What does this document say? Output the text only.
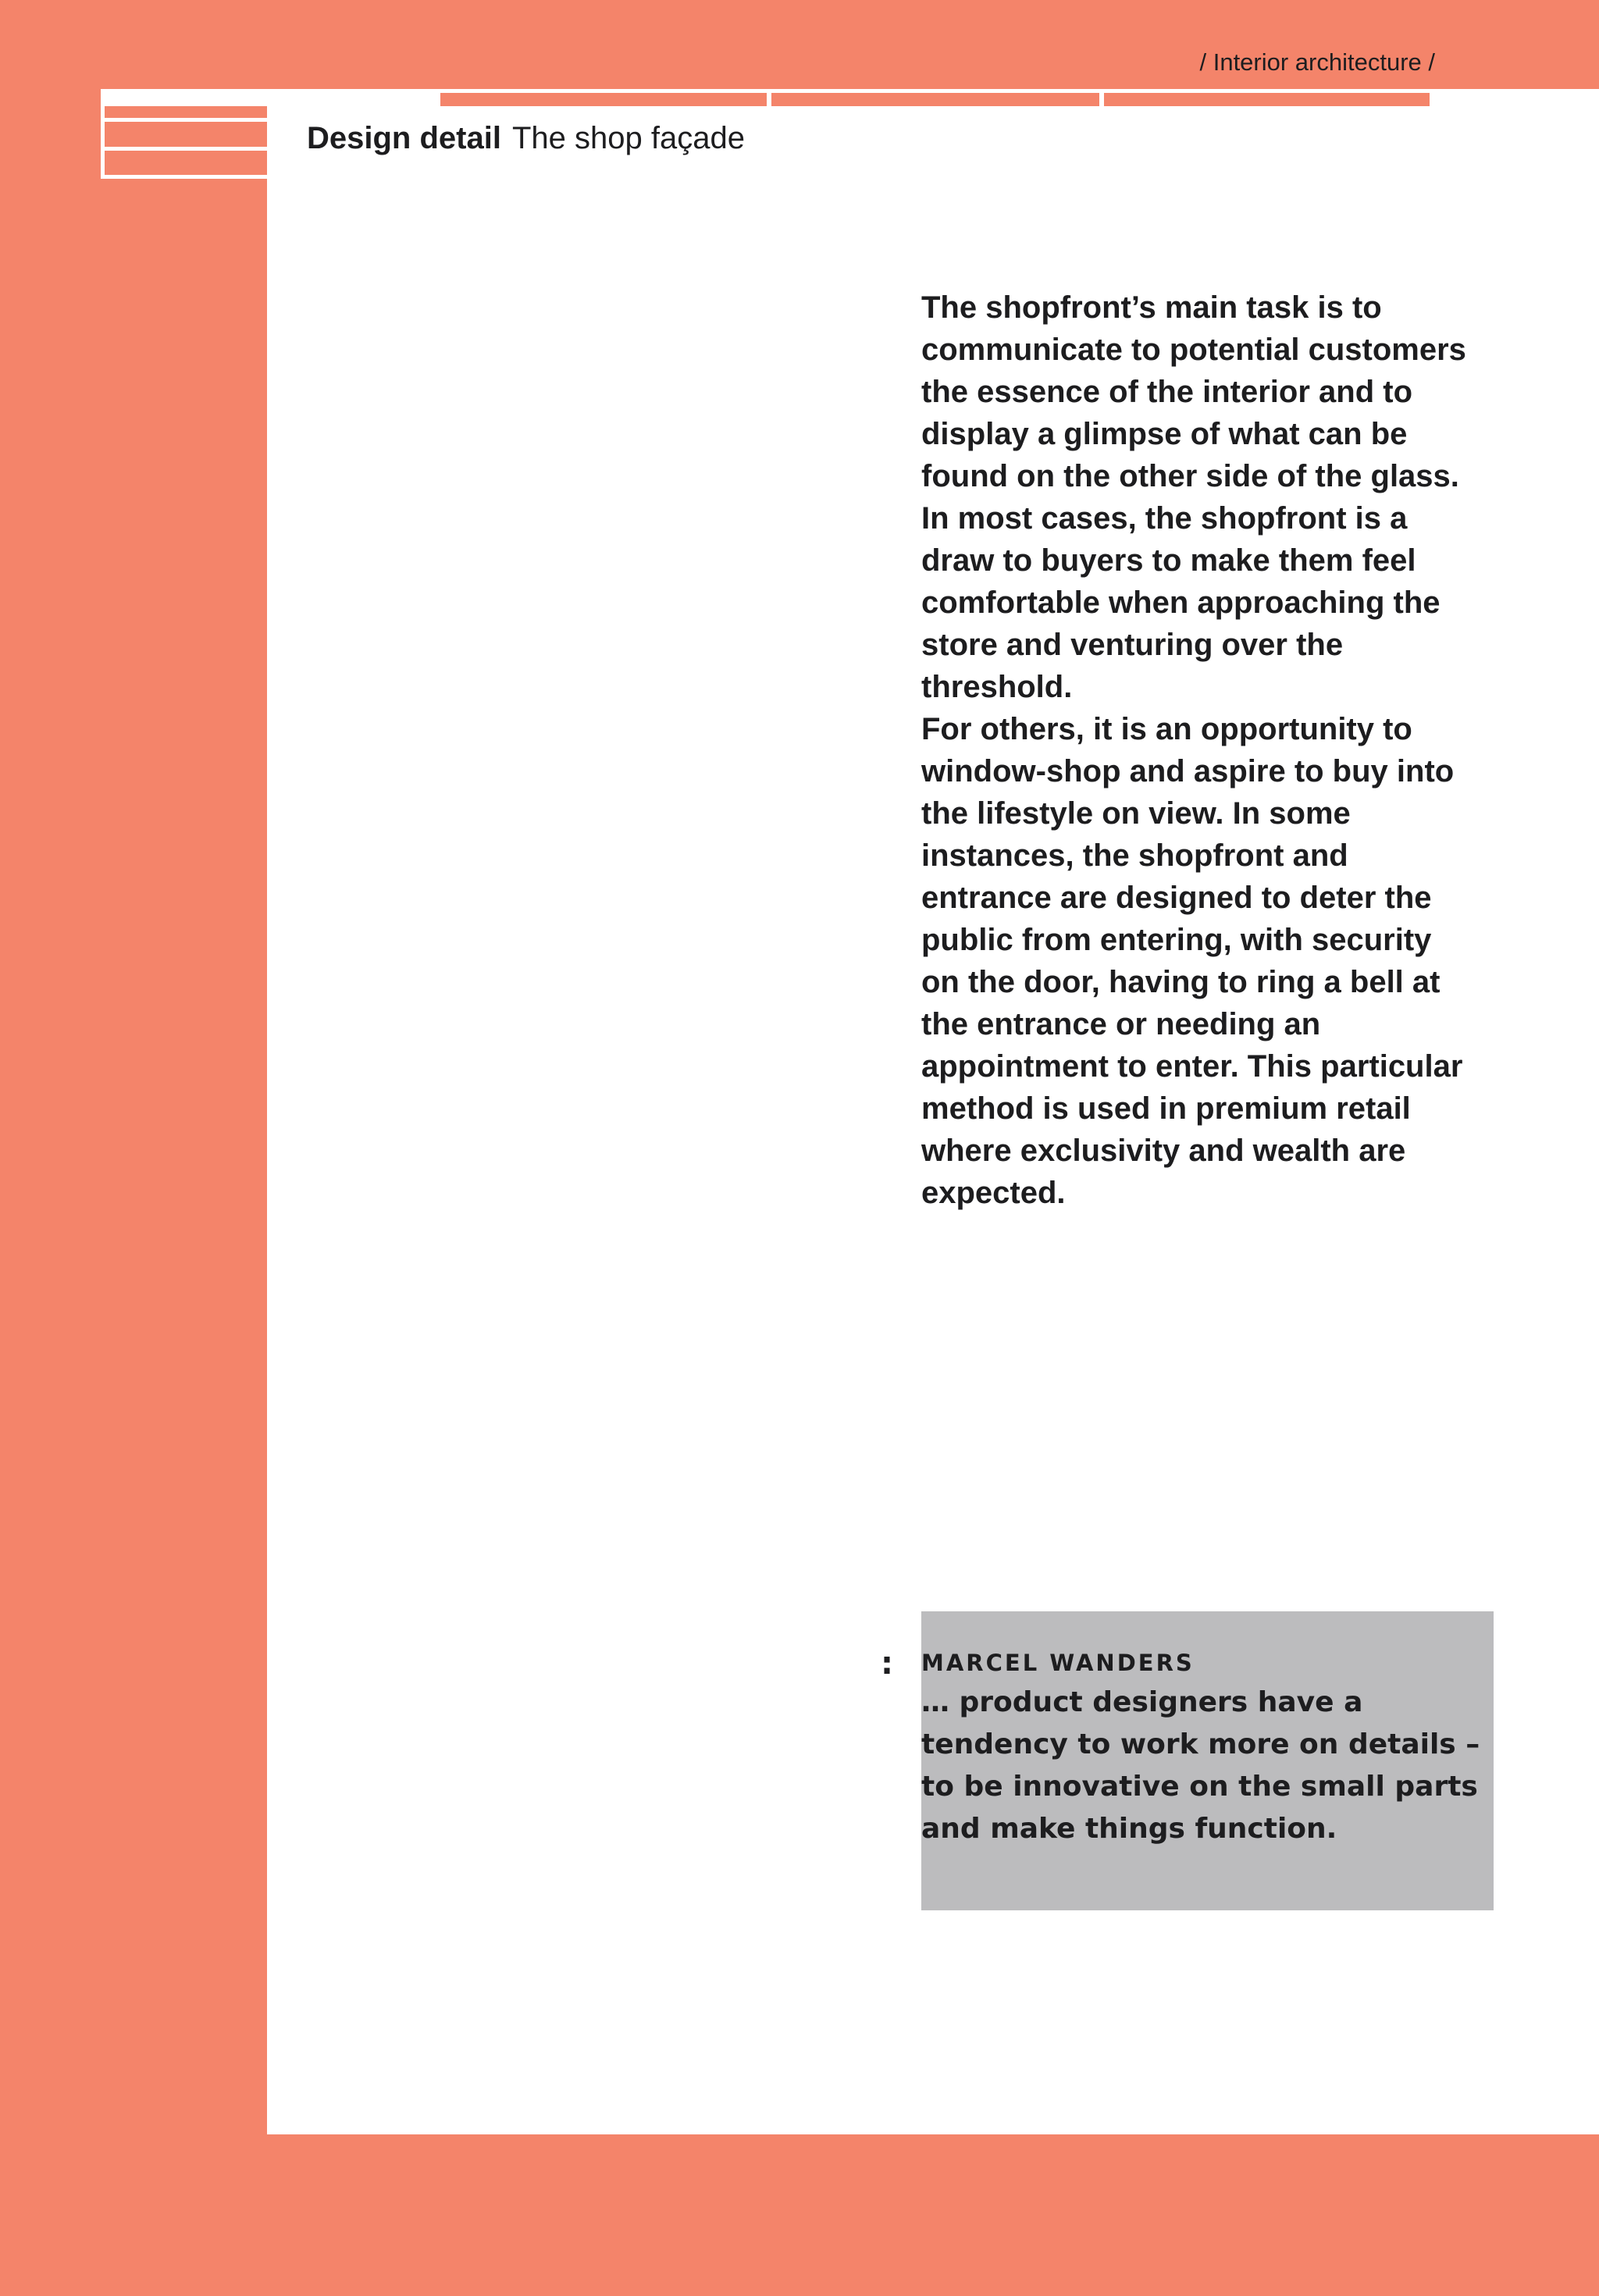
/ Interior architecture /
Design detail The shop façade

The shopfront’s main task is to communicate to potential customers the essence of the interior and to display a glimpse of what can be found on the other side of the glass. In most cases, the shopfront is a draw to buyers to make them feel comfortable when approaching the store and venturing over the threshold.

For others, it is an opportunity to window-shop and aspire to buy into the lifestyle on view. In some instances, the shopfront and entrance are designed to deter the public from entering, with security on the door, having to ring a bell at the entrance or needing an appointment to enter. This particular method is used in premium retail where exclusivity and wealth are expected.

: MARCEL WANDERS
… product designers have a tendency to work more on details – to be innovative on the small parts and make things function.
